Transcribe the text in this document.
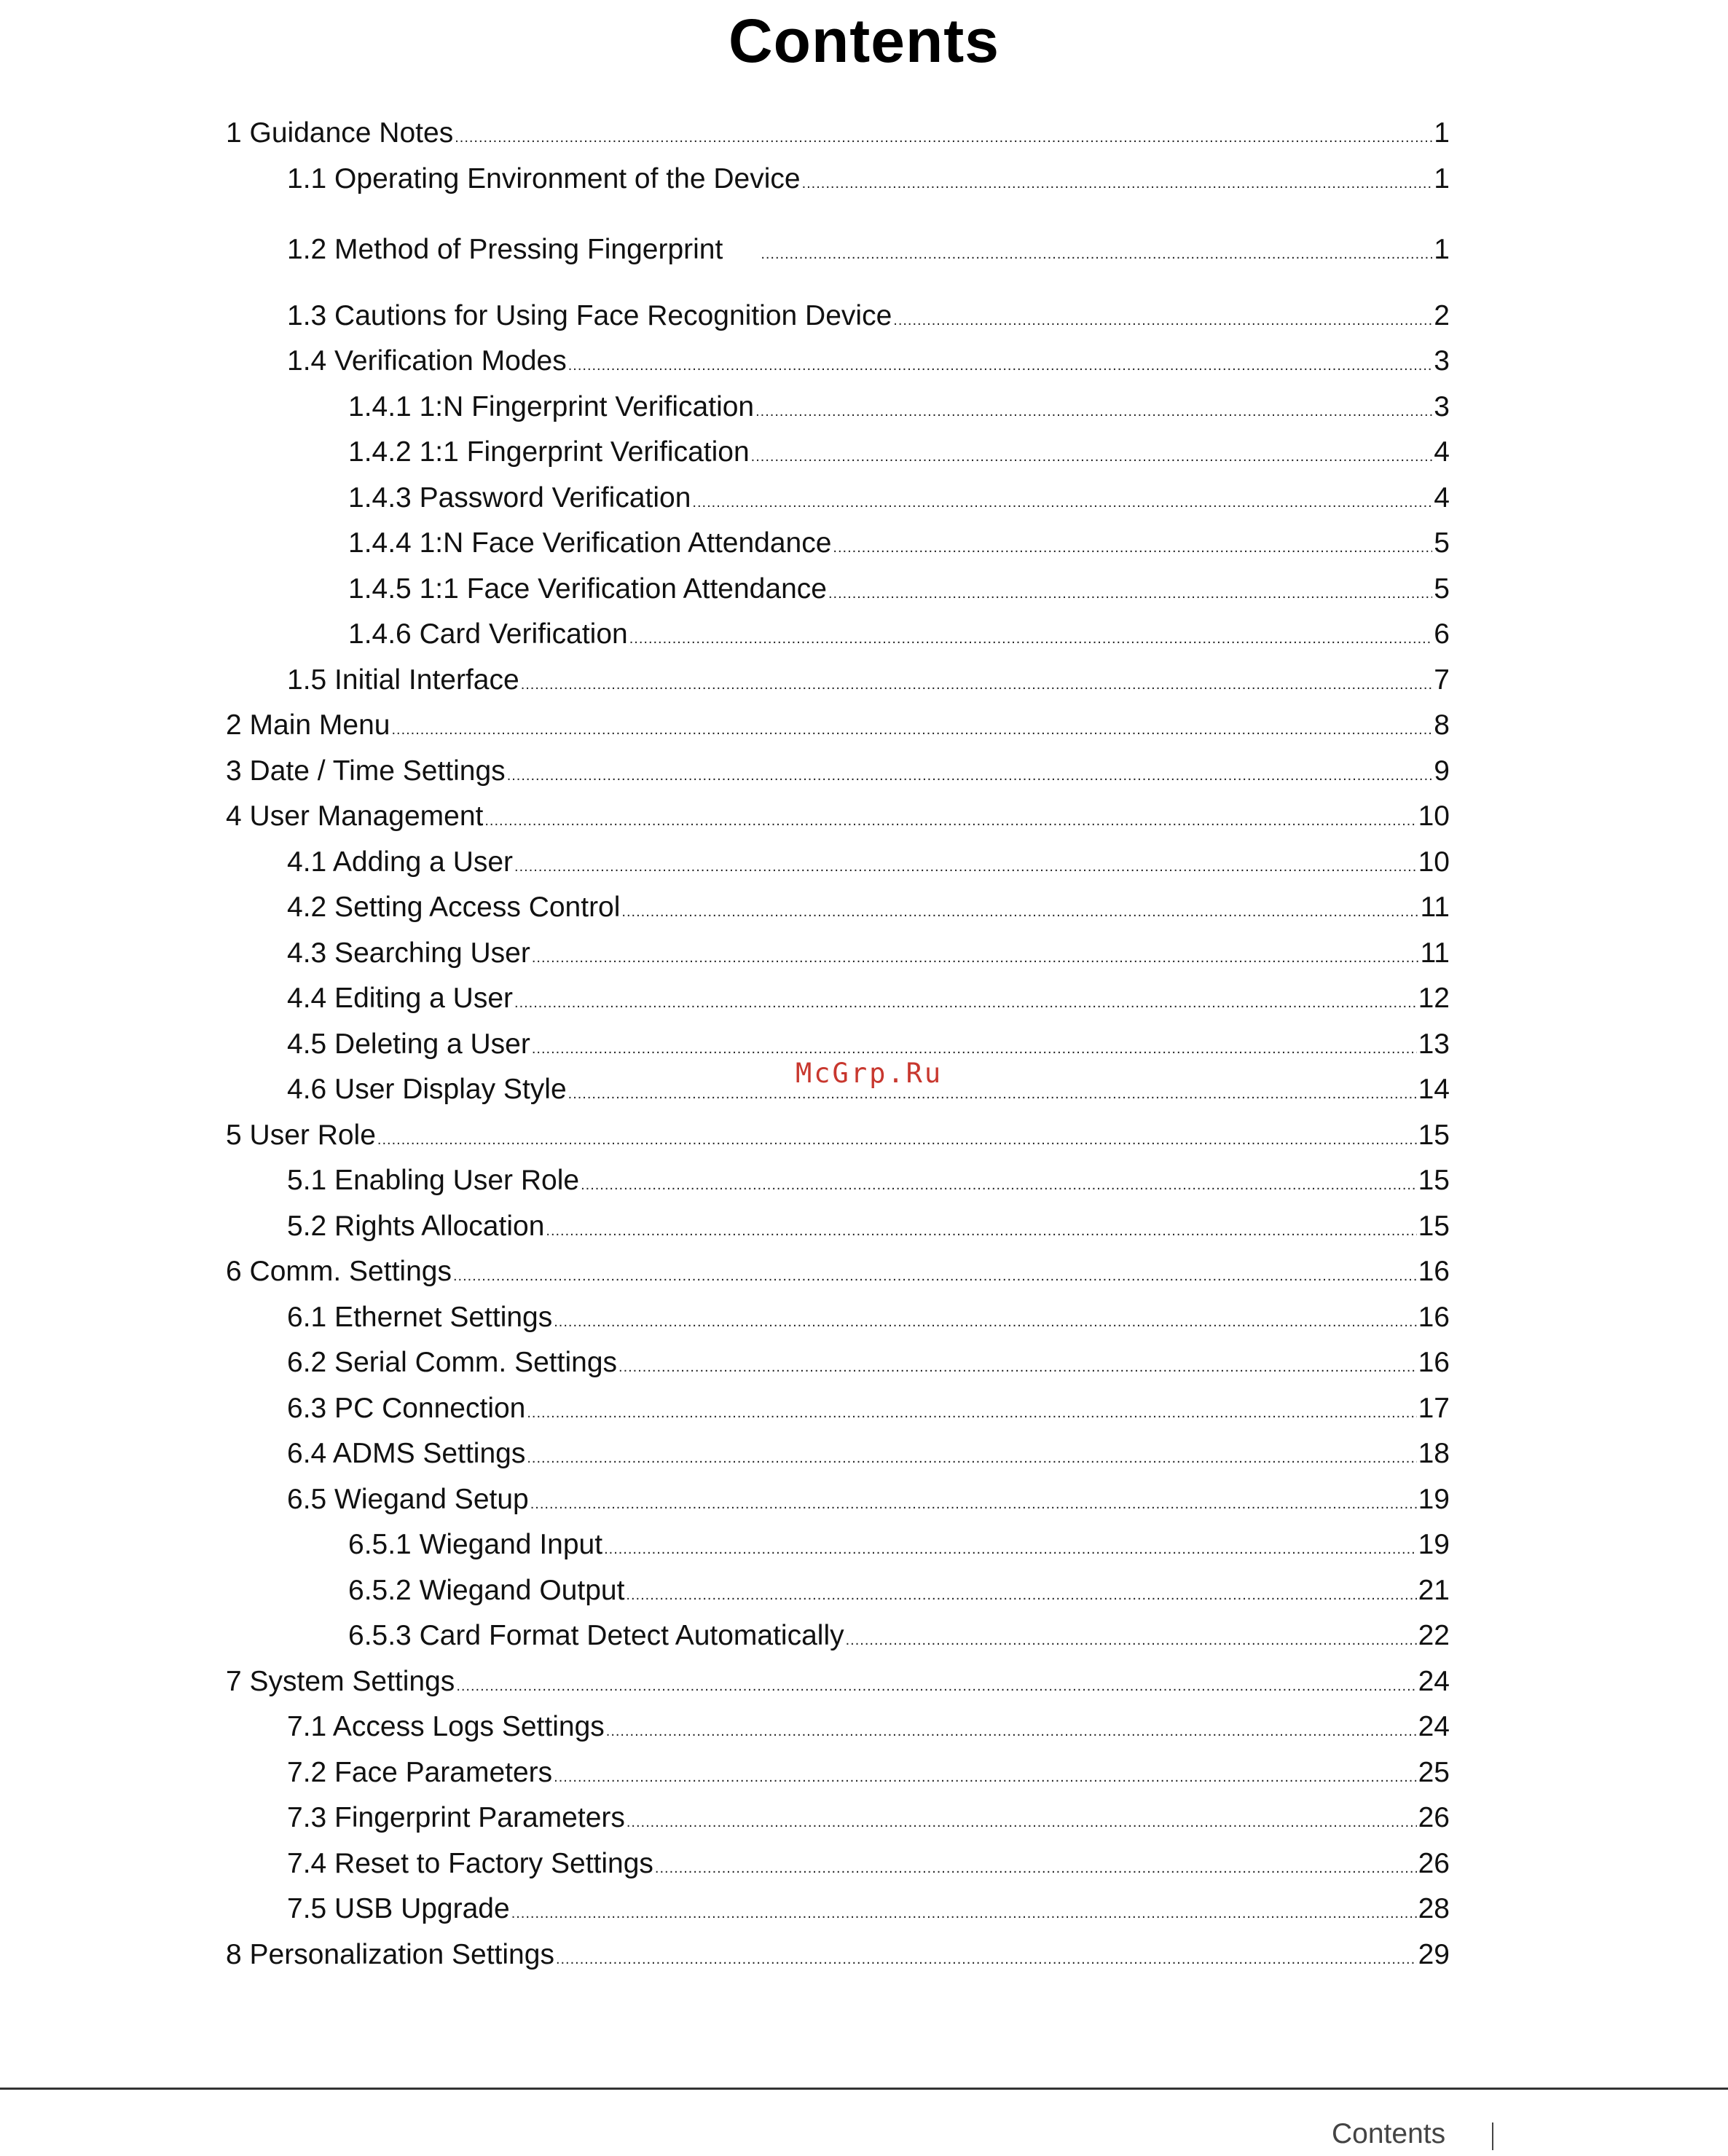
Contents
1 Guidance Notes .....	1
1.1 Operating Environment of the Device .....	1
1.2 Method of Pressing Fingerprint .....	1
1.3 Cautions for Using Face Recognition Device .....	2
1.4 Verification Modes .....	3
1.4.1 1:N Fingerprint Verification .....	3
1.4.2 1:1 Fingerprint Verification .....	4
1.4.3 Password Verification .....	4
1.4.4 1:N Face Verification Attendance .....	5
1.4.5 1:1 Face Verification Attendance .....	5
1.4.6 Card Verification .....	6
1.5 Initial Interface .....	7
2 Main Menu .....	8
3 Date / Time Settings .....	9
4 User Management .....	10
4.1 Adding a User .....	10
4.2 Setting Access Control .....	11
4.3 Searching User .....	11
4.4 Editing a User .....	12
4.5 Deleting a User .....	13
4.6 User Display Style .....	14
5 User Role .....	15
5.1 Enabling User Role .....	15
5.2 Rights Allocation .....	15
6 Comm. Settings .....	16
6.1 Ethernet Settings .....	16
6.2 Serial Comm. Settings .....	16
6.3 PC Connection .....	17
6.4 ADMS Settings .....	18
6.5 Wiegand Setup .....	19
6.5.1 Wiegand Input .....	19
6.5.2 Wiegand Output .....	21
6.5.3 Card Format Detect Automatically .....	22
7 System Settings .....	24
7.1 Access Logs Settings .....	24
7.2 Face Parameters .....	25
7.3 Fingerprint Parameters .....	26
7.4 Reset to Factory Settings .....	26
7.5 USB Upgrade .....	28
8 Personalization Settings .....	29
McGrp.Ru
Contents
